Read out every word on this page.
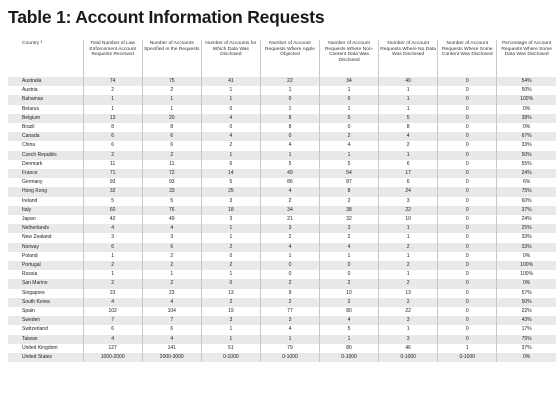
Table 1: Account Information Requests
Country ³	Total Number of Law Enforcement Account Requests Received	Number of Accounts Specified in the Requests	Number of Accounts for Which Data Was Disclosed	Number of Account Requests Where Apple Objected	Number of Account Requests Where Non-Content Data Was Disclosed	Number of Account Requests Where No Data Was Disclosed	Number of Account Requests Where Some Content Was Disclosed	Percentage of Account Requests Where Some Data Was Disclosed
Australia	74	75	41	22	34	40	0	54%
Austria	2	2	1	1	1	1	0	50%
Bahamas	1	1	1	0	0	1	0	100%
Belarus	1	1	0	1	1	1	0	0%
Belgium	13	20	4	8	5	5	0	38%
Brazil	8	8	0	8	0	8	0	0%
Canada	6	6	4	0	2	4	0	67%
China	6	6	2	4	4	2	0	33%
Czech Republic	2	2	1	1	1	1	0	50%
Denmark	11	11	6	5	5	6	0	55%
France	71	72	14	49	54	17	0	24%
Germany	93	93	5	86	87	6	0	6%
Hong Kong	32	33	25	4	8	24	0	75%
Ireland	5	5	3	2	2	3	0	60%
Italy	60	76	18	34	38	22	0	37%
Japan	42	49	3	21	32	10	0	24%
Netherlands	4	4	1	3	3	1	0	25%
New Zealand	3	3	1	2	2	1	0	33%
Norway	6	6	2	4	4	2	0	33%
Poland	1	2	0	1	1	1	0	0%
Portugal	2	2	2	0	0	2	0	100%
Russia	1	1	1	0	0	1	0	100%
San Marino	2	2	0	2	2	2	0	0%
Singapore	23	23	13	9	10	13	0	57%
South Korea	4	4	2	2	2	2	0	50%
Spain	102	104	19	77	80	22	0	22%
Sweden	7	7	3	3	4	3	0	43%
Switzerland	6	6	1	4	5	1	0	17%
Taiwan	4	4	1	1	1	3	0	75%
United Kingdom	127	141	51	79	80	46	1	37%
United States	1000-2000	2000-3000	0-1000	0-1000	0-1000	0-1000	0-1000	0%
